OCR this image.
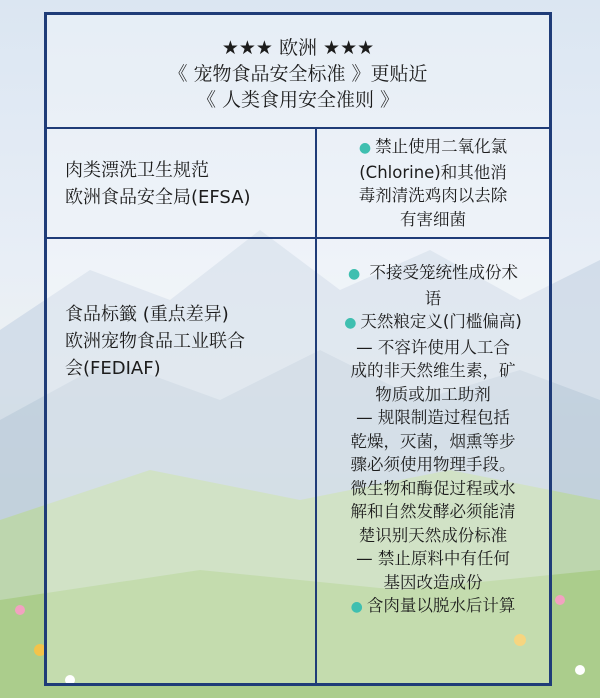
★★★ 欧洲 ★★★
《 宠物食品安全标准 》更贴近
《 人类食用安全准则 》
肉类漂洗卫生规范
欧洲食品安全局(EFSA)
● 禁止使用二氧化氯
(Chlorine)和其他消
毒剂清洗鸡肉以去除
有害细菌
食品标籤 (重点差异)
欧洲宠物食品工业联合
会(FEDIAF)
● 不接受笼统性成份术
语
● 天然粮定义(门槛偏高)
— 不容许使用人工合
成的非天然维生素，矿
物质或加工助剂
— 规限制造过程包括
乾燥，灭菌，烟熏等步
骤必须使用物理手段。
微生物和酶促过程或水
解和自然发酵必须能清
楚识别天然成份标准
— 禁止原料中有任何
基因改造成份
● 含肉量以脱水后计算
